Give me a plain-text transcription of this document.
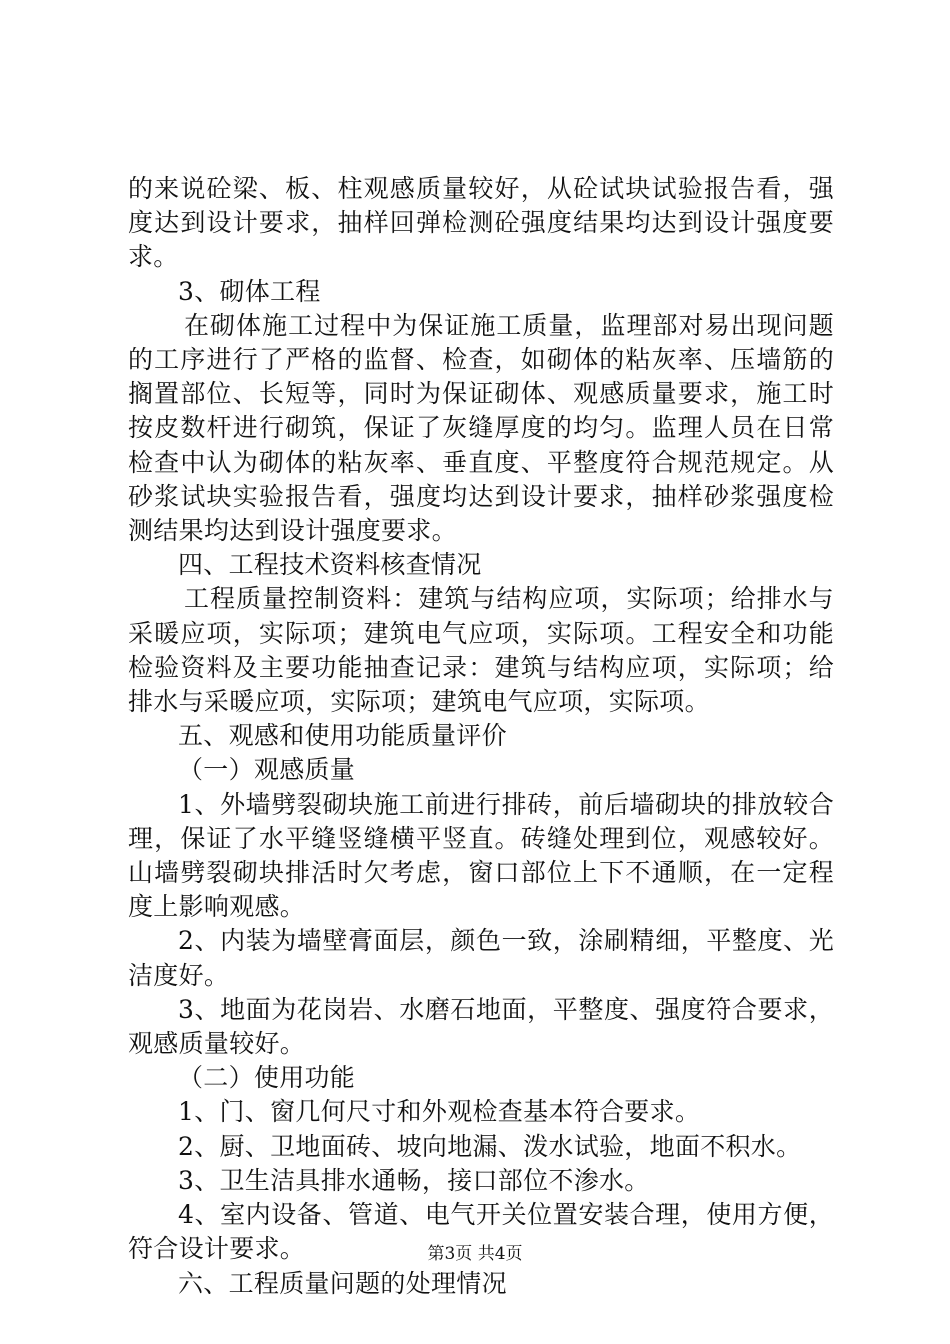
的来说砼梁、板、柱观感质量较好，从砼试块试验报告看，强度达到设计要求，抽样回弹检测砼强度结果均达到设计强度要求。

3、砌体工程

在砌体施工过程中为保证施工质量，监理部对易出现问题的工序进行了严格的监督、检查，如砌体的粘灰率、压墙筋的搁置部位、长短等，同时为保证砌体、观感质量要求，施工时按皮数杆进行砌筑，保证了灰缝厚度的均匀。监理人员在日常检查中认为砌体的粘灰率、垂直度、平整度符合规范规定。从砂浆试块实验报告看，强度均达到设计要求，抽样砂浆强度检测结果均达到设计强度要求。

四、工程技术资料核查情况

工程质量控制资料：建筑与结构应项，实际项；给排水与采暖应项，实际项；建筑电气应项，实际项。工程安全和功能检验资料及主要功能抽查记录：建筑与结构应项，实际项；给排水与采暖应项，实际项；建筑电气应项，实际项。

五、观感和使用功能质量评价

（一）观感质量

1、外墙劈裂砌块施工前进行排砖，前后墙砌块的排放较合理，保证了水平缝竖缝横平竖直。砖缝处理到位，观感较好。山墙劈裂砌块排活时欠考虑，窗口部位上下不通顺，在一定程度上影响观感。

2、内装为墙壁膏面层，颜色一致，涂刷精细，平整度、光洁度好。

3、地面为花岗岩、水磨石地面，平整度、强度符合要求，观感质量较好。

（二）使用功能

1、门、窗几何尺寸和外观检查基本符合要求。

2、厨、卫地面砖、坡向地漏、泼水试验，地面不积水。

3、卫生洁具排水通畅，接口部位不渗水。

4、室内设备、管道、电气开关位置安装合理，使用方便，符合设计要求。

六、工程质量问题的处理情况

第3页 共4页
